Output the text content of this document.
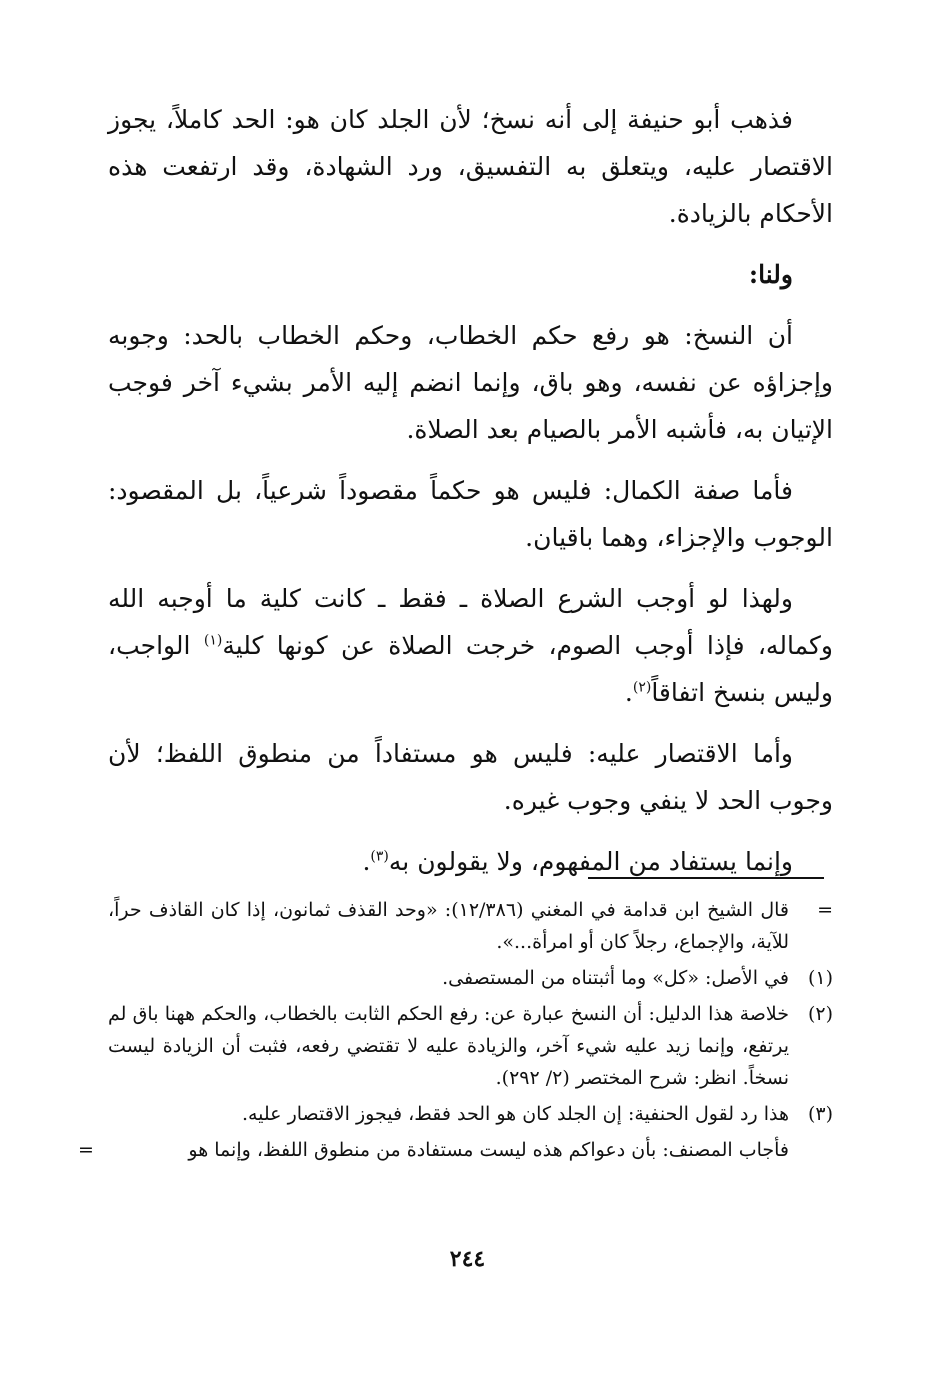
فذهب أبو حنيفة إلى أنه نسخ؛ لأن الجلد كان هو: الحد كاملاً، يجوز الاقتصار عليه، ويتعلق به التفسيق، ورد الشهادة، وقد ارتفعت هذه الأحكام بالزيادة.

ولنا:

أن النسخ: هو رفع حكم الخطاب، وحكم الخطاب بالحد: وجوبه وإجزاؤه عن نفسه، وهو باق، وإنما انضم إليه الأمر بشيء آخر فوجب الإتيان به، فأشبه الأمر بالصيام بعد الصلاة.

فأما صفة الكمال: فليس هو حكماً مقصوداً شرعياً، بل المقصود: الوجوب والإجزاء، وهما باقيان.

ولهذا لو أوجب الشرع الصلاة ـ فقط ـ كانت كلية ما أوجبه الله وكماله، فإذا أوجب الصوم، خرجت الصلاة عن كونها كلية$^{(١)}$ الواجب، وليس بنسخ اتفاقاً$^{(٢)}$.

وأما الاقتصار عليه: فليس هو مستفاداً من منطوق اللفظ؛ لأن وجوب الحد لا ينفي وجوب غيره.

وإنما يستفاد من المفهوم، ولا يقولون به$^{(٣)}$.

=
قال الشيخ ابن قدامة في المغني (١٢/٣٨٦): «وحد القذف ثمانون، إذا كان القاذف حراً، للآية، والإجماع، رجلاً كان أو امرأة...».
(١)
في الأصل: «كل» وما أثبتناه من المستصفى.
(٢)
خلاصة هذا الدليل: أن النسخ عبارة عن: رفع الحكم الثابت بالخطاب، والحكم ههنا باق لم يرتفع، وإنما زيد عليه شيء آخر، والزيادة عليه لا تقتضي رفعه، فثبت أن الزيادة ليست نسخاً. انظر: شرح المختصر (٢/ ٢٩٢).
(٣)
هذا رد لقول الحنفية: إن الجلد كان هو الحد فقط، فيجوز الاقتصار عليه.
فأجاب المصنف: بأن دعواكم هذه ليست مستفادة من منطوق اللفظ، وإنما هو
=
٢٤٤
